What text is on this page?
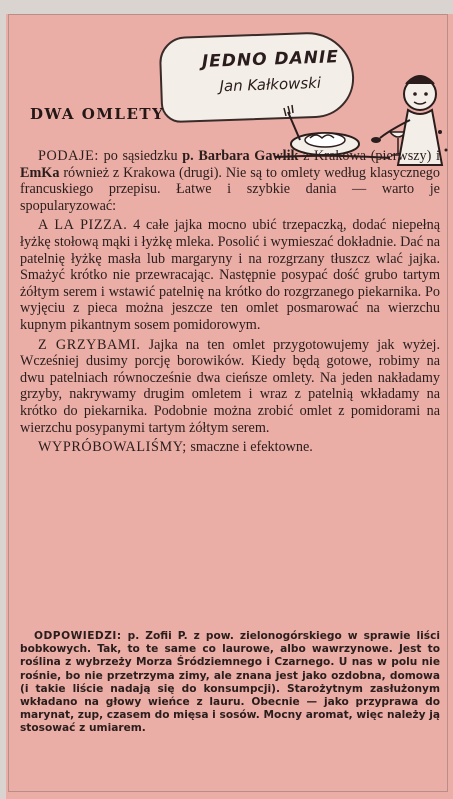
JEDNO DANIE
Jan Kałkowski
DWA OMLETY

PODAJE: po sąsiedzku p. Barbara Gawlik z Krakowa (pierwszy) i EmKa również z Krakowa (drugi). Nie są to omlety według klasycznego francuskiego przepisu. Łatwe i szybkie dania — warto je spopularyzować:

A LA PIZZA. 4 całe jajka mocno ubić trzepaczką, dodać niepełną łyżkę stołową mąki i łyżkę mleka. Posolić i wymieszać dokładnie. Dać na patelnię łyżkę masła lub margaryny i na rozgrzany tłuszcz wlać jajka. Smażyć krótko nie przewracając. Następnie posypać dość grubo tartym żółtym serem i wstawić patelnię na krótko do rozgrzanego piekarnika. Po wyjęciu z pieca można jeszcze ten omlet posmarować na wierzchu kupnym pikantnym sosem pomidorowym.

Z GRZYBAMI. Jajka na ten omlet przygotowujemy jak wyżej. Wcześniej dusimy porcję borowików. Kiedy będą gotowe, robimy na dwu patelniach równocześnie dwa cieńsze omlety. Na jeden nakładamy grzyby, nakrywamy drugim omletem i wraz z patelnią wkładamy na krótko do piekarnika. Podobnie można zrobić omlet z pomidorami na wierzchu posypanymi tartym żółtym serem.

WYPRÓBOWALIŚMY; smaczne i efektowne.

ODPOWIEDZI: p. Zofii P. z pow. zielonogórskiego w sprawie liści bobkowych. Tak, to te same co laurowe, albo wawrzynowe. Jest to roślina z wybrzeży Morza Śródziemnego i Czarnego. U nas w polu nie rośnie, bo nie przetrzyma zimy, ale znana jest jako ozdobna, domowa (i takie liście nadają się do konsumpcji). Starożytnym zasłużonym wkładano na głowy wieńce z lauru. Obecnie — jako przyprawa do marynat, zup, czasem do mięsa i sosów. Mocny aromat, więc należy ją stosować z umiarem.
